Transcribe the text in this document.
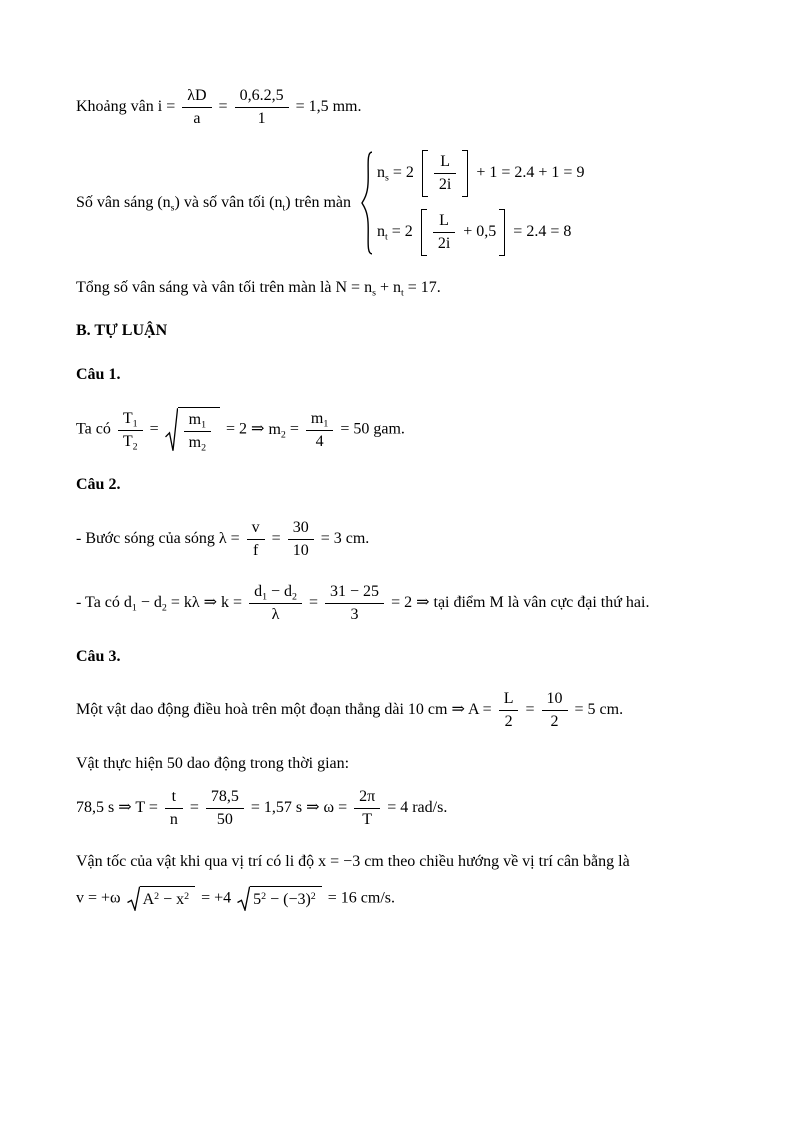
Khoảng vân $i = \frac{\lambda D}{a} = \frac{0,6.2,5}{1} = 1,5$ mm.
Số vân sáng $(n_s)$ và số vân tối $(n_t)$ trên màn
$n_s = 2 \frac{L}{2i} + 1 = 2.4 + 1 = 9$
$n_t = 2 \frac{L}{2i} + 0,5 = 2.4 = 8$
Tổng số vân sáng và vân tối trên màn là $N = n_s + n_t = 17$.
B. TỰ LUẬN
Câu 1.
Ta có $\frac{T_1}{T_2} = \frac{m_1}{m_2} = 2$ ⇒ $m_2 = \frac{m_1}{4} = 50$ gam.
Câu 2.
- Bước sóng của sóng $\lambda = \frac{v}{f} = \frac{30}{10} = 3$ cm.
- Ta có $d_1 - d_2 = k\lambda$ ⇒ $k = \frac{d_1 - d_2}{\lambda} = \frac{31 - 25}{3} = 2$ ⇒ tại điểm M là vân cực đại thứ hai.
Câu 3.
Một vật dao động điều hoà trên một đoạn thẳng dài 10 cm ⇒ $A = \frac{L}{2} = \frac{10}{2} = 5$ cm.
Vật thực hiện 50 dao động trong thời gian:
78,5 s ⇒ $T = \frac{t}{n} = \frac{78,5}{50} = 1,57$ s ⇒ $\omega = \frac{2\pi}{T} = 4$ rad/s.
Vận tốc của vật khi qua vị trí có li độ x = −3 cm theo chiều hướng về vị trí cân bằng là
v = +ω $A^2 - x^2 = +4$ $5^2 - (-3)^2 = 16$ cm/s.
